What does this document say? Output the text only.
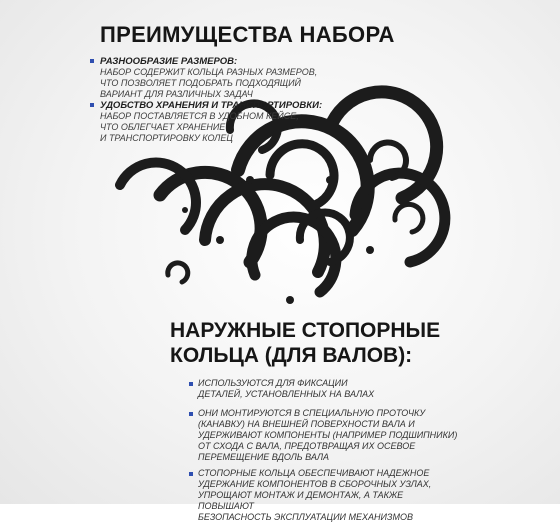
ПРЕИМУЩЕСТВА НАБОРА
РАЗНООБРАЗИЕ РАЗМЕРОВ:
НАБОР СОДЕРЖИТ КОЛЬЦА РАЗНЫХ РАЗМЕРОВ,
ЧТО ПОЗВОЛЯЕТ ПОДОБРАТЬ ПОДХОДЯЩИЙ
ВАРИАНТ ДЛЯ РАЗЛИЧНЫХ ЗАДАЧ
УДОБСТВО ХРАНЕНИЯ И ТРАНСПОРТИРОВКИ:
НАБОР ПОСТАВЛЯЕТСЯ В УДОБНОМ КЕЙСЕ,
ЧТО ОБЛЕГЧАЕТ ХРАНЕНИЕ
И ТРАНСПОРТИРОВКУ КОЛЕЦ
НАРУЖНЫЕ СТОПОРНЫЕ
КОЛЬЦА (ДЛЯ ВАЛОВ):
ИСПОЛЬЗУЮТСЯ ДЛЯ ФИКСАЦИИ
ДЕТАЛЕЙ, УСТАНОВЛЕННЫХ НА ВАЛАХ
ОНИ МОНТИРУЮТСЯ В СПЕЦИАЛЬНУЮ ПРОТОЧКУ
(КАНАВКУ) НА ВНЕШНЕЙ ПОВЕРХНОСТИ ВАЛА И
УДЕРЖИВАЮТ КОМПОНЕНТЫ (НАПРИМЕР ПОДШИПНИКИ)
ОТ СХОДА С ВАЛА, ПРЕДОТВРАЩАЯ ИХ ОСЕВОЕ
ПЕРЕМЕЩЕНИЕ ВДОЛЬ ВАЛА
СТОПОРНЫЕ КОЛЬЦА ОБЕСПЕЧИВАЮТ НАДЕЖНОЕ
УДЕРЖАНИЕ КОМПОНЕНТОВ В СБОРОЧНЫХ УЗЛАХ,
УПРОЩАЮТ МОНТАЖ И ДЕМОНТАЖ, А ТАКЖЕ ПОВЫШАЮТ
БЕЗОПАСНОСТЬ ЭКСПЛУАТАЦИИ МЕХАНИЗМОВ
